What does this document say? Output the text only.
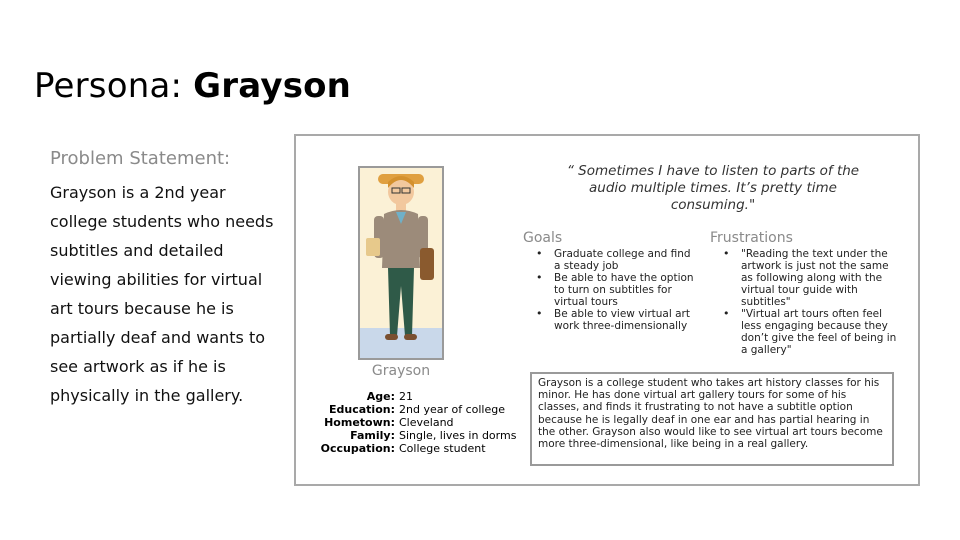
Persona: Grayson
Problem Statement:
Grayson is a 2nd year college students who needs subtitles and detailed viewing abilities for virtual art tours because he is partially deaf and wants to see artwork as if he is physically in the gallery.
Grayson
Age: 21
Education: 2nd year of college
Hometown: Cleveland
Family: Single, lives in dorms
Occupation: College student
“ Sometimes I have to listen to parts of the audio multiple times. It’s pretty time consuming."
Goals
• Graduate college and find a steady job
• Be able to have the option to turn on subtitles for virtual tours
• Be able to view virtual art work three-dimensionally
Frustrations
• "Reading the text under the artwork is just not the same as following along with the virtual tour guide with subtitles"
• "Virtual art tours often feel less engaging because they don’t give the feel of being in a gallery"
Grayson is a college student who takes art history classes for his minor. He has done virtual art gallery tours for some of his classes, and finds it frustrating to not have a subtitle option because he is legally deaf in one ear and has partial hearing in the other. Grayson also would like to see virtual art tours become more three-dimensional, like being in a real gallery.
